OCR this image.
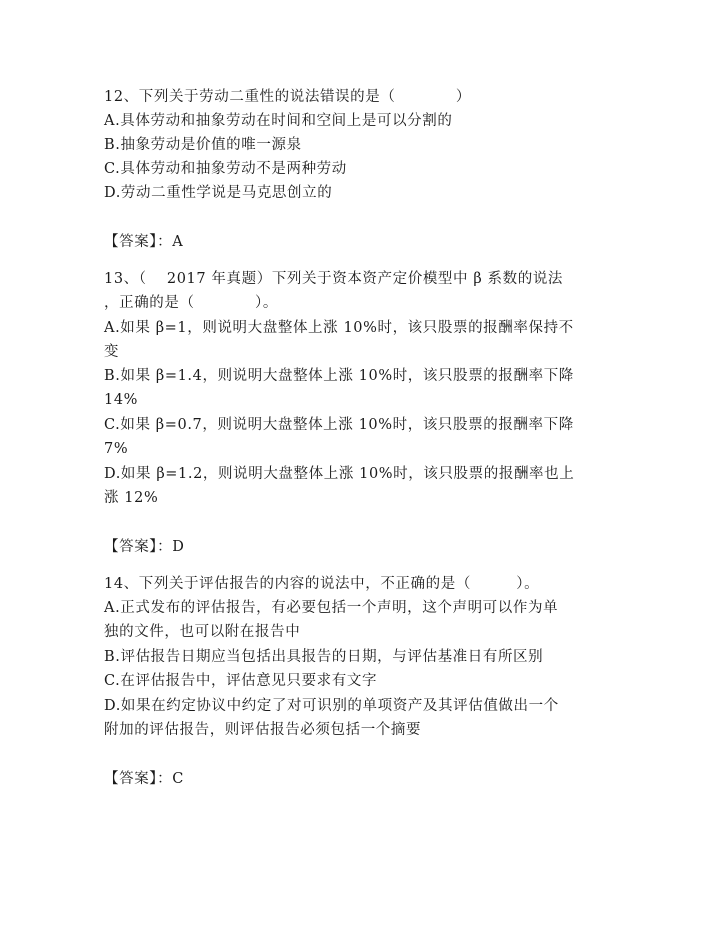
12、下列关于劳动二重性的说法错误的是（　　　　）
A.具体劳动和抽象劳动在时间和空间上是可以分割的
B.抽象劳动是价值的唯一源泉
C.具体劳动和抽象劳动不是两种劳动
D.劳动二重性学说是马克思创立的
【答案】：A
13、（　 2017 年真题）下列关于资本资产定价模型中 β 系数的说法
，正确的是（　　　　）。
A.如果 β=1，则说明大盘整体上涨 10%时，该只股票的报酬率保持不
变
B.如果 β=1.4，则说明大盘整体上涨 10%时，该只股票的报酬率下降
14%
C.如果 β=0.7，则说明大盘整体上涨 10%时，该只股票的报酬率下降
7%
D.如果 β=1.2，则说明大盘整体上涨 10%时，该只股票的报酬率也上
涨 12%
【答案】：D
14、下列关于评估报告的内容的说法中，不正确的是（　　　）。
A.正式发布的评估报告，有必要包括一个声明，这个声明可以作为单
独的文件，也可以附在报告中
B.评估报告日期应当包括出具报告的日期，与评估基准日有所区别
C.在评估报告中，评估意见只要求有文字
D.如果在约定协议中约定了对可识别的单项资产及其评估值做出一个
附加的评估报告，则评估报告必须包括一个摘要
【答案】：C
